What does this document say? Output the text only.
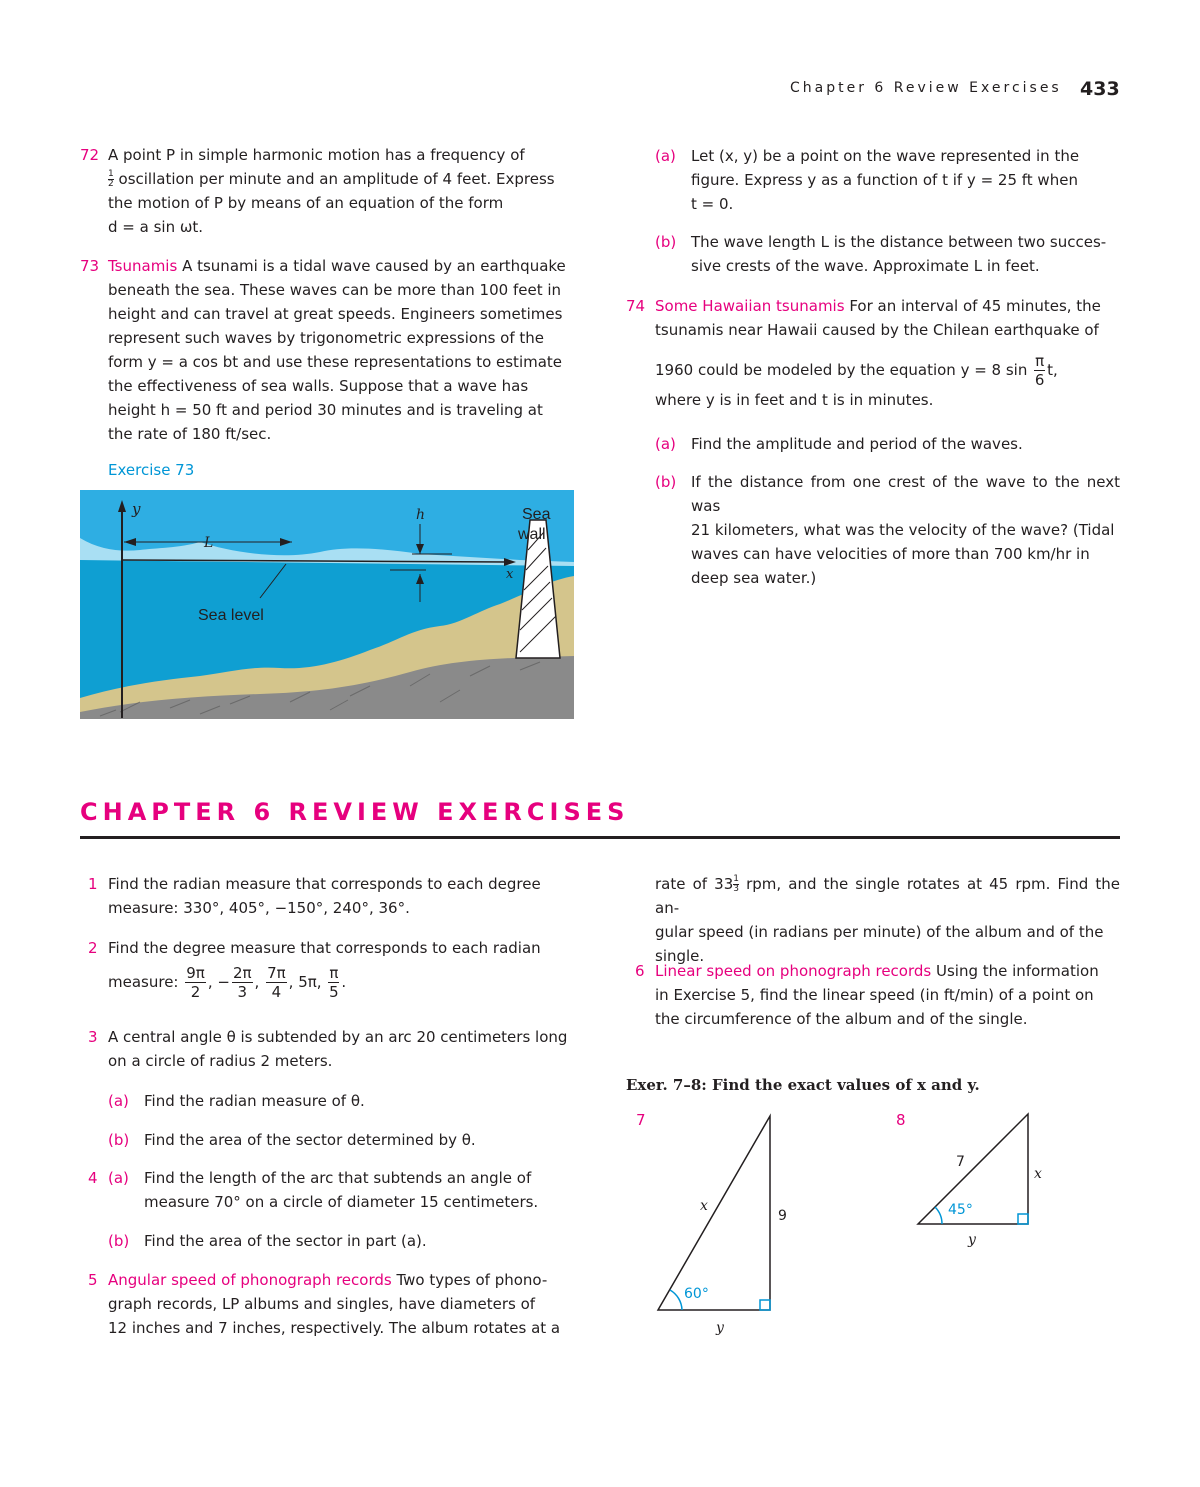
Chapter 6 Review Exercises 433
72 A point P in simple harmonic motion has a frequency of
$\frac{1}{2}$ oscillation per minute and an amplitude of 4 feet. Express
the motion of P by means of an equation of the form
d = a sin ωt.
73 Tsunamis A tsunami is a tidal wave caused by an earthquake
beneath the sea. These waves can be more than 100 feet in
height and can travel at great speeds. Engineers sometimes
represent such waves by trigonometric expressions of the
form y = a cos bt and use these representations to estimate
the effectiveness of sea walls. Suppose that a wave has
height h = 50 ft and period 30 minutes and is traveling at
the rate of 180 ft/sec.
Exercise 73
y
L
h
x
Sea
wall
Sea level
(a) Let (x, y) be a point on the wave represented in the
figure. Express y as a function of t if y = 25 ft when
t = 0.
(b) The wave length L is the distance between two succes-
sive crests of the wave. Approximate L in feet.
74 Some Hawaiian tsunamis For an interval of 45 minutes, the
tsunamis near Hawaii caused by the Chilean earthquake of
1960 could be modeled by the equation y = 8 $\sin \frac{\pi}{6} t$,
where y is in feet and t is in minutes.
(a) Find the amplitude and period of the waves.
(b) If the distance from one crest of the wave to the next was
21 kilometers, what was the velocity of the wave? (Tidal
waves can have velocities of more than 700 km/hr in
deep sea water.)
CHAPTER 6 REVIEW EXERCISES
1 Find the radian measure that corresponds to each degree
measure: 330°, 405°, −150°, 240°, 36°.
2 Find the degree measure that corresponds to each radian
measure: $\frac{9\pi}{2}$ , − $\frac{2\pi}{3}$ , $\frac{7\pi}{4}$ , 5π, $\frac{\pi}{5}$ .
3 A central angle θ is subtended by an arc 20 centimeters long
on a circle of radius 2 meters.
(a) Find the radian measure of θ.
(b) Find the area of the sector determined by θ.
4 (a) Find the length of the arc that subtends an angle of
measure 70° on a circle of diameter 15 centimeters.
(b) Find the area of the sector in part (a).
5 Angular speed of phonograph records Two types of phono-
graph records, LP albums and singles, have diameters of
12 inches and 7 inches, respectively. The album rotates at a
rate of $33 \frac{1}{3}$ rpm, and the single rotates at 45 rpm. Find the an-
gular speed (in radians per minute) of the album and of the
single.
6 Linear speed on phonograph records Using the information
in Exercise 5, find the linear speed (in ft/min) of a point on
the circumference of the album and of the single.
Exer. 7–8: Find the exact values of x and y.
7
60°
x
9
y
8
45°
7
x
y
